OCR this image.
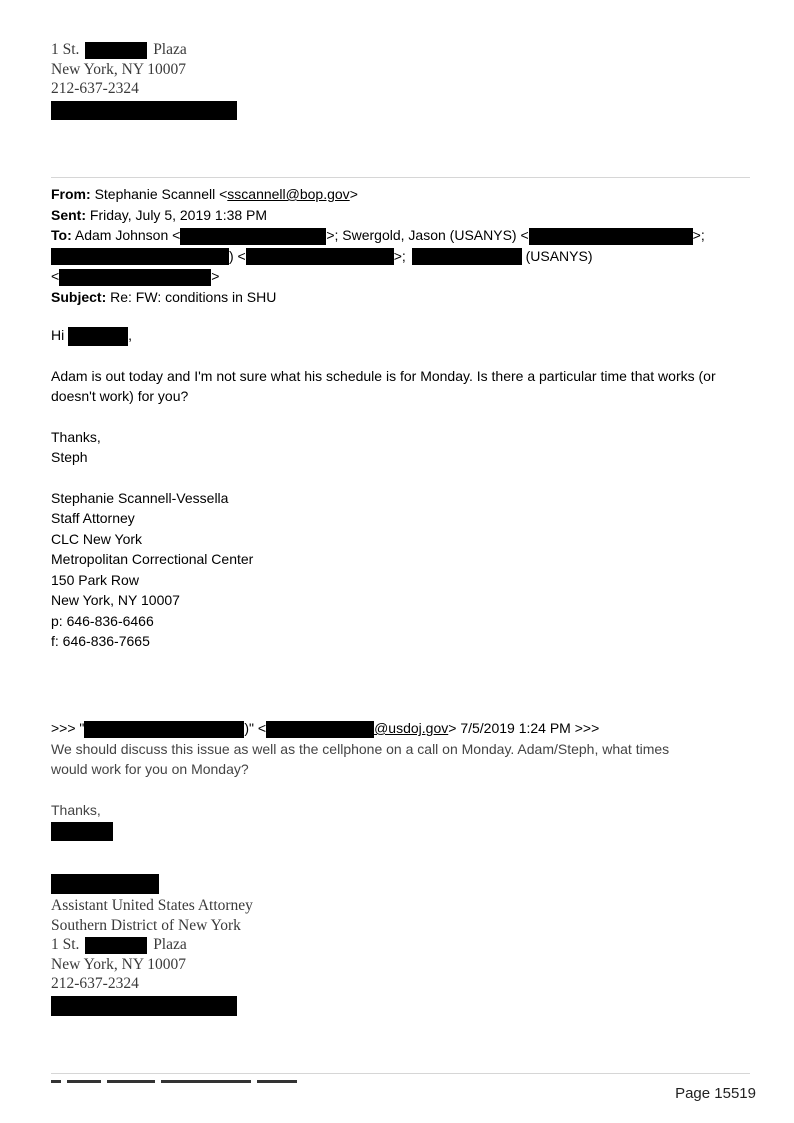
1 St.	Plaza
New York, NY 10007
212-637-2324
From: Stephanie Scannell <sscannell@bop.gov>
Sent: Friday, July 5, 2019 1:38 PM
To: Adam Johnson <	>; Swergold, Jason (USANYS) <	>;
) <	>;	(USANYS)
<	>
Subject: Re: FW: conditions in SHU
Hi	,
Adam is out today and I'm not sure what his schedule is for Monday. Is there a particular time that works (or
doesn't work) for you?
Thanks,
Steph
Stephanie Scannell-Vessella
Staff Attorney
CLC New York
Metropolitan Correctional Center
150 Park Row
New York, NY 10007
p: 646-836-6466
f: 646-836-7665
>>> "	)" <	@usdoj.gov> 7/5/2019 1:24 PM >>>
We should discuss this issue as well as the cellphone on a call on Monday. Adam/Steph, what times
would work for you on Monday?
Thanks,
Assistant United States Attorney
Southern District of New York
1 St.	Plaza
New York, NY 10007
212-637-2324
Page 15519
